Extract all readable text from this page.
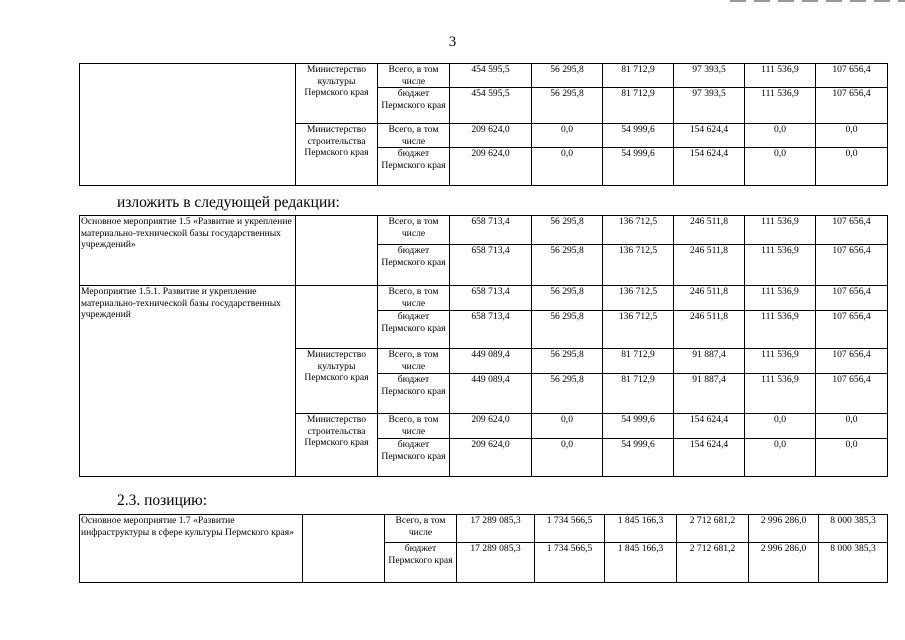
3
	Министерство культуры Пермского края	Всего, в том числе	454 595,5	56 295,8	81 712,9	97 393,5	111 536,9	107 656,4
		бюджет Пермского края	454 595,5	56 295,8	81 712,9	97 393,5	111 536,9	107 656,4
	Министерство строительства Пермского края	Всего, в том числе	209 624,0	0,0	54 999,6	154 624,4	0,0	0,0
		бюджет Пермского края	209 624,0	0,0	54 999,6	154 624,4	0,0	0,0
изложить в следующей редакции:
Основное мероприятие 1.5 «Развитие и укрепление материально-технической базы государственных учреждений»		Всего, в том числе	658 713,4	56 295,8	136 712,5	246 511,8	111 536,9	107 656,4
		бюджет Пермского края	658 713,4	56 295,8	136 712,5	246 511,8	111 536,9	107 656,4
Мероприятие 1.5.1. Развитие и укрепление материально-технической базы государственных учреждений		Всего, в том числе	658 713,4	56 295,8	136 712,5	246 511,8	111 536,9	107 656,4
		бюджет Пермского края	658 713,4	56 295,8	136 712,5	246 511,8	111 536,9	107 656,4
	Министерство культуры Пермского края	Всего, в том числе	449 089,4	56 295,8	81 712,9	91 887,4	111 536,9	107 656,4
		бюджет Пермского края	449 089,4	56 295,8	81 712,9	91 887,4	111 536,9	107 656,4
	Министерство строительства Пермского края	Всего, в том числе	209 624,0	0,0	54 999,6	154 624,4	0,0	0,0
		бюджет Пермского края	209 624,0	0,0	54 999,6	154 624,4	0,0	0,0
2.3. позицию:
Основное мероприятие 1.7 «Развитие инфраструктуры в сфере культуры Пермского края»		Всего, в том числе	17 289 085,3	1 734 566,5	1 845 166,3	2 712 681,2	2 996 286,0	8 000 385,3
		бюджет Пермского края	17 289 085,3	1 734 566,5	1 845 166,3	2 712 681,2	2 996 286,0	8 000 385,3
